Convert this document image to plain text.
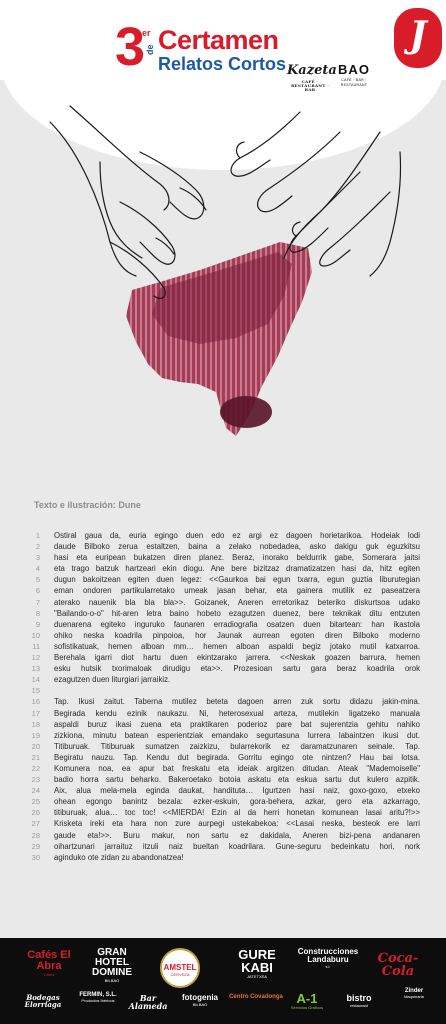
3
er Certamen
de
Relatos Cortos Kazeta
CAFÉ · RESTAURANT · BAR
BAO
CAFÉ · BAR · RESTAURANT
J
Texto e ilustración: Dune
1 Ostiral gaua da, euria egingo duen edo ez argi ez dagoen horietarikoa. Hodeiak lodi
2 daude Bilboko zerua estaltzen, baina a zelako nobedadea, asko dakigu guk eguzkitsu
3 hasi eta euripean bukatzen diren planez. Beraz, inorako beldurrik gabe, Somerara jaitsi
4 eta trago batzuk hartzeari ekin diogu. Ane bere bizitzaz dramatizatzen hasi da, hitz egiten
5 dugun bakoitzean egiten duen legez: <<Gaurkoa bai egun txarra, egun guztia liburutegian
6 eman ondoren partikularretako umeak jasan behar, eta gainera mutilik ez paseatzera
7 aterako nauenik bla bla bla>>. Goizanek, Aneren erretorikaz beteriko diskurtsoa udako
8 "Bailando-o-o" hit-aren letra baino hobeto ezagutzen duenez, bere teknikak ditu entzuten
9 duenarena egiteko inguruko faunaren erradiografia osatzen duen bitartean: han ikastola
10 ohiko neska koadrila pinpoioa, hor Jaunak aurrean egoten diren Bilboko moderno
11 sofistikatuak, hemen alboan mm… hemen alboan aspaldi begiz jotako mutil katxarroa.
12 Berehala igarri diot hartu duen ekintzarako jarrera. <<Neskak goazen barrura, hemen
13 esku hutsik txorimaloak dirudigu eta>>. Prozesioan sartu gara beraz koadrila orok
14 ezagutzen duen liturgiari jarraikiz.
15
16 Tap. Ikusi zaitut. Taberna mutilez beteta dagoen arren zuk sortu didazu jakin-mina.
17 Begirada kendu ezinik naukazu. Ni, heterosexual arteza, mutilekin ligatzeko manuala
18 aspaldi buruz ikasi zuena eta praktikaren poderioz pare bat sujerentzia gehitu nahiko
19 zizkiona, minutu batean esperientziak emandako segurtasuna lurrera labaintzen ikusi dut.
20 Titiburuak. Titiburuak sumatzen zaizkizu, bularrekorik ez daramatzunaren seinale. Tap.
21 Begiratu nauzu. Tap. Kendu dut begirada. Gorritu egingo ote nintzen? Hau bai lotsa.
22 Komunera noa, ea apur bat freskatu eta ideiak argitzen ditudan. Ateak "Mademoiselle"
23 badio horra sartu beharko. Bakeroetako botoia askatu eta eskua sartu dut kulero azpitik.
24 Aix, alua mela-mela eginda daukat, handituta… Igurtzen hasi naiz, goxo-goxo, etxeko
25 ohean egongo banintz bezala: ezker-eskuin, gora-behera, azkar, gero eta azkarrago,
26 titiburuak, alua… toc toc! <<MIERDA! Ezin al da herri honetan komunean lasai aritu?!>>
27 Krisketa ireki eta hara non zure aurpegi ustekabekoa: <<Lasai neska, besteok ere larri
28 gaude eta!>>. Buru makur, non sartu ez dakidala, Aneren bizi-pena andanaren
29 oihartzunari jarraituz itzuli naiz bueltan koadrilara. Gune-seguru bedeinkatu hori, nork
30 aginduko ote zidan zu abandonatzea!
Cafés El Abra
Cafés
GRAN HOTEL DOMINE
BILBAO
AMSTEL
CERVEZA
GURE KABI
JATETXEA
Construcciones Landaburu
s.l.
Coca-Cola
Bodegas Elorriaga
FERMIN, S.L.
Productos Ibéricos	Bar Alameda
fotogenia
BILBAO
Centro Covadonga	A-1
Servicios Gráficos
bistro
restaurant
Zinder
Maquinaria
